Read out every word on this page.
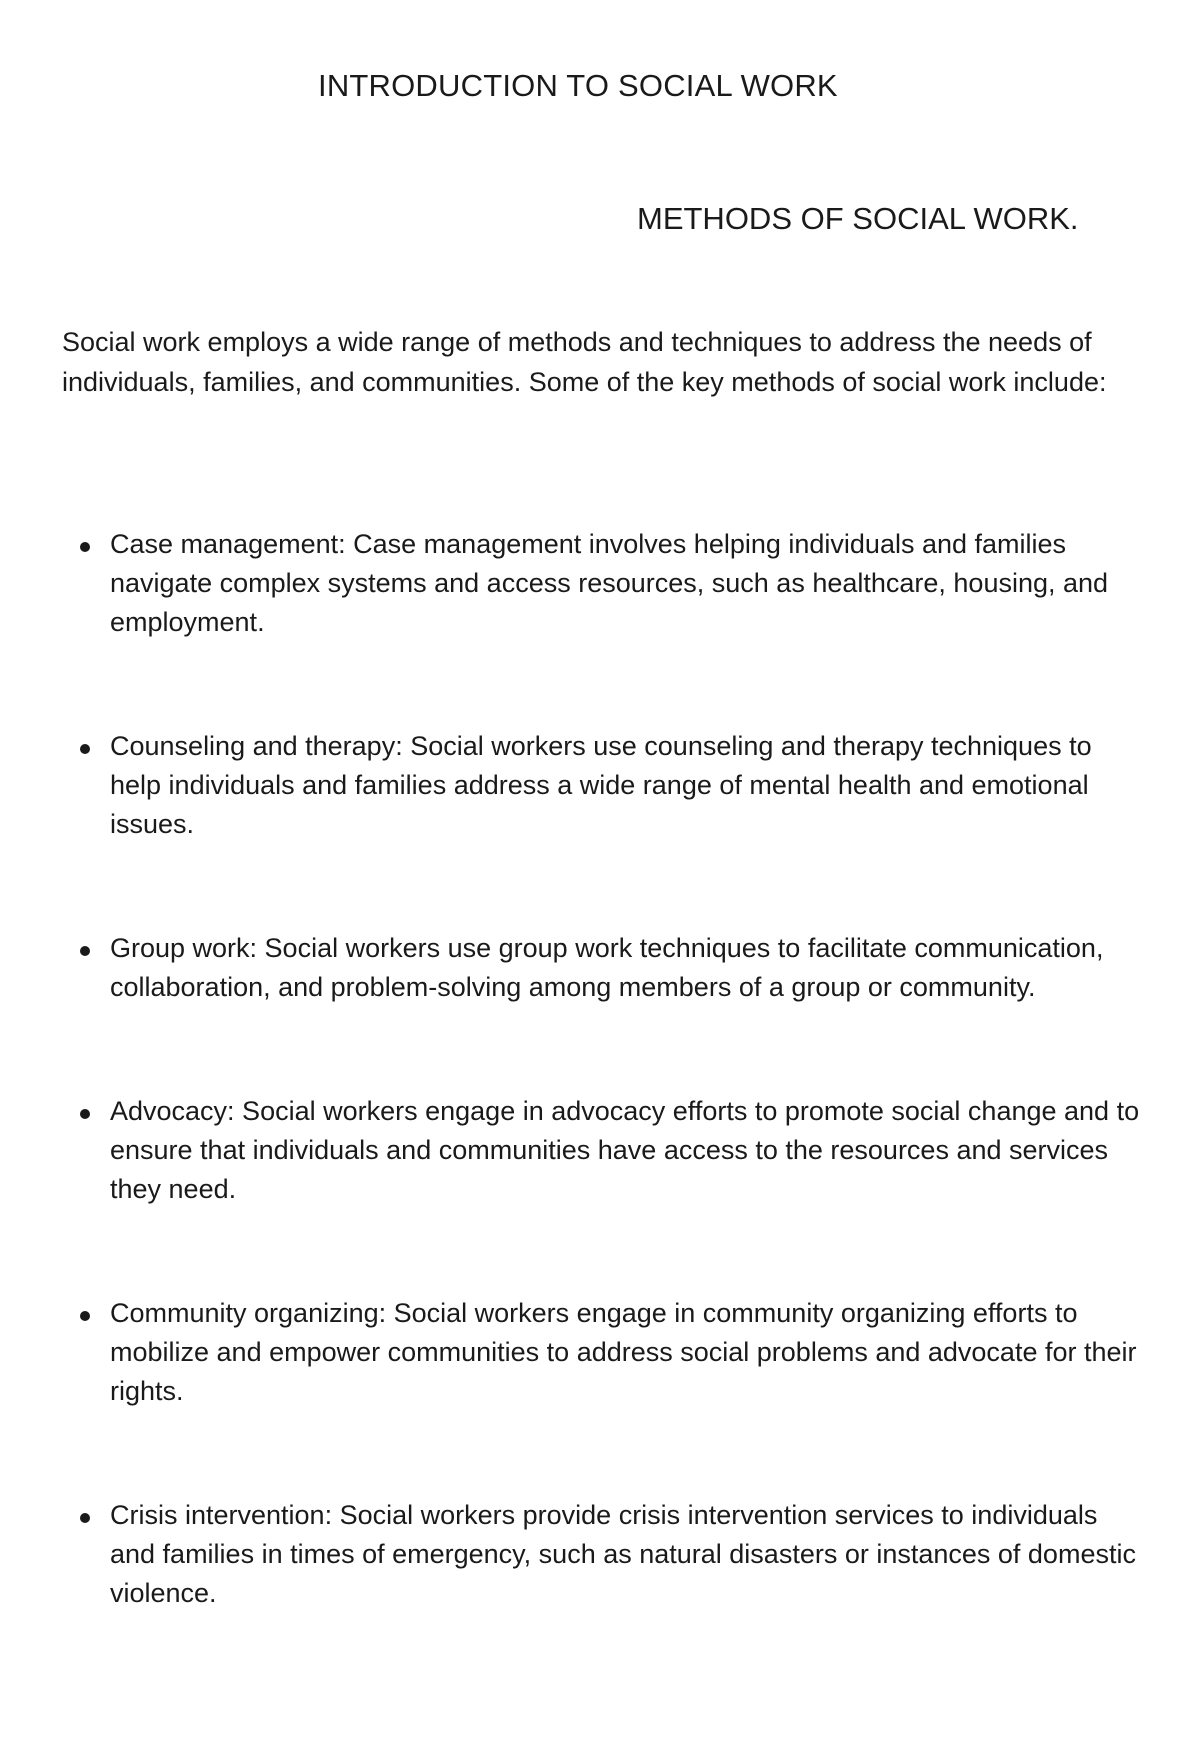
INTRODUCTION TO SOCIAL WORK
METHODS OF SOCIAL WORK.

Social work employs a wide range of methods and techniques to address the needs of individuals, families, and communities. Some of the key methods of social work include:

Case management: Case management involves helping individuals and families navigate complex systems and access resources, such as healthcare, housing, and employment.
Counseling and therapy: Social workers use counseling and therapy techniques to help individuals and families address a wide range of mental health and emotional issues.
Group work: Social workers use group work techniques to facilitate communication, collaboration, and problem-solving among members of a group or community.
Advocacy: Social workers engage in advocacy efforts to promote social change and to ensure that individuals and communities have access to the resources and services they need.
Community organizing: Social workers engage in community organizing efforts to mobilize and empower communities to address social problems and advocate for their rights.
Crisis intervention: Social workers provide crisis intervention services to individuals and families in times of emergency, such as natural disasters or instances of domestic violence.
